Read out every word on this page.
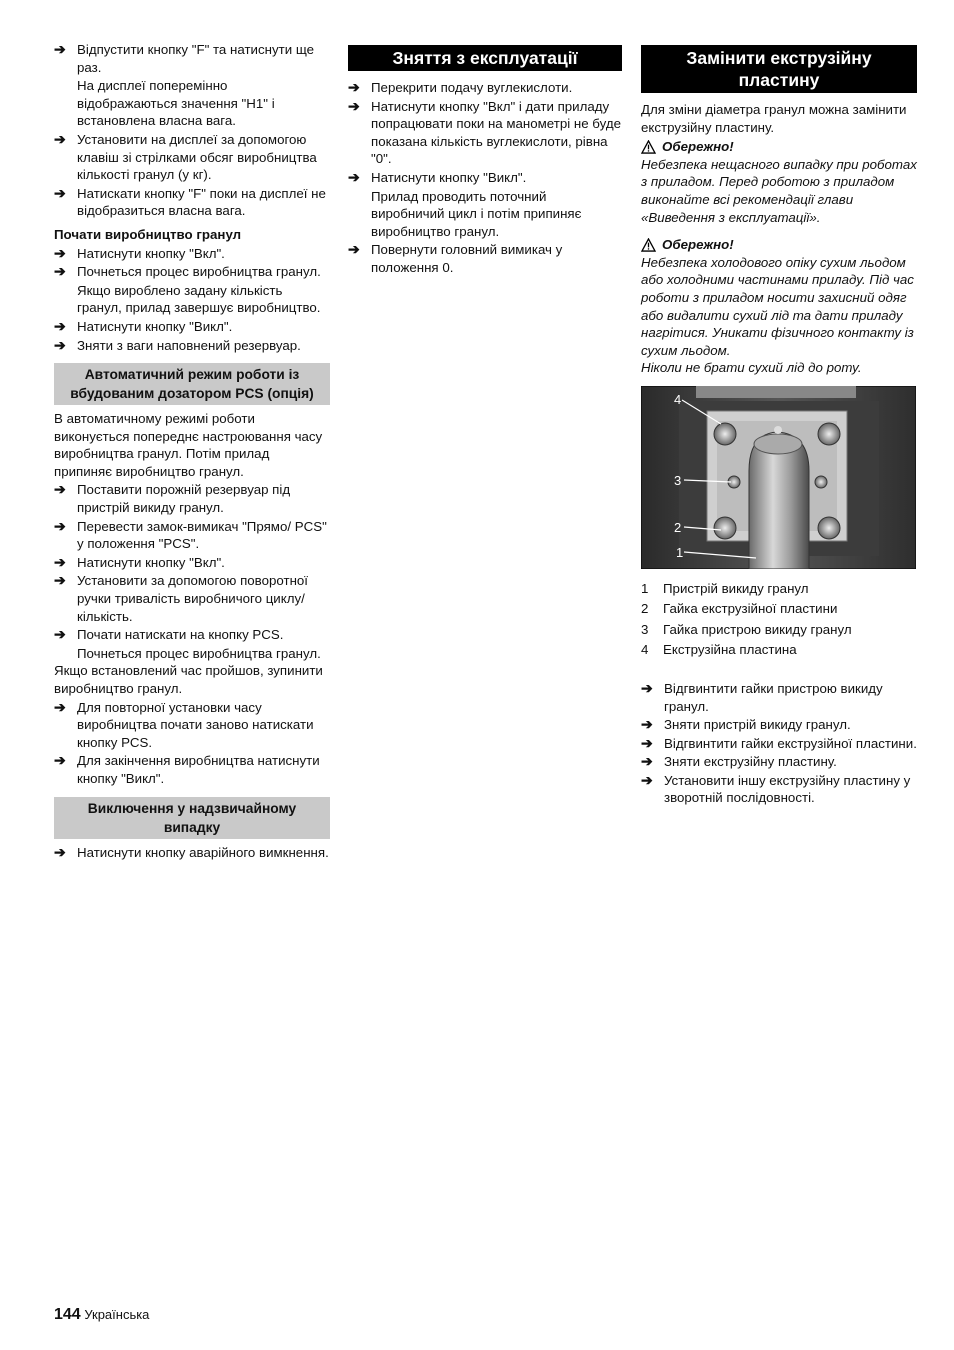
➔ Відпустити кнопку "F" та натиснути ще раз.

На дисплеї поперемінно відображаються значення "H1" і встановлена власна вага.

➔ Установити на дисплеї за допомогою клавіш зі стрілками обсяг виробництва кількості гранул (у кг).
➔ Натискати кнопку "F" поки на дисплеї не відобразиться власна вага.

Почати виробництво гранул

➔ Натиснути кнопку "Вкл".
➔ Почнеться процес виробництва гранул.

Якщо вироблено задану кількість гранул, прилад завершує виробництво.

➔ Натиснути кнопку "Викл".
➔ Зняти з ваги наповнений резервуар.
Автоматичний режим роботи із вбудованим дозатором PCS (опція)

В автоматичному режимі роботи виконується попереднє настроювання часу виробництва гранул. Потім прилад припиняє виробництво гранул.

➔ Поставити порожній резервуар під пристрій викиду гранул.
➔ Перевести замок-вимикач "Прямо/ PCS" у положення "PCS".
➔ Натиснути кнопку "Вкл".
➔ Установити за допомогою поворотної ручки тривалість виробничого циклу/ кількість.
➔ Почати натискати на кнопку PCS.

Почнеться процес виробництва гранул.

Якщо встановлений час пройшов, зупинити виробництво гранул.

➔ Для повторної установки часу виробництва почати заново натискати кнопку PCS.
➔ Для закінчення виробництва натиснути кнопку "Викл".
Виключення у надзвичайному випадку
➔ Натиснути кнопку аварійного вимкнення.
Зняття з експлуатації
➔ Перекрити подачу вуглекислоти.
➔ Натиснути кнопку "Вкл" і дати приладу попрацювати поки на манометрі не буде показана кількість вуглекислоти, рівна "0".
➔ Натиснути кнопку "Викл".

Прилад проводить поточний виробничий цикл і потім припиняє виробництво гранул.

➔ Повернути головний вимикач у положення 0.
Замінити екструзійну пластину

Для зміни діаметра гранул можна замінити екструзійну пластину.

Обережно!

Небезпека нещасного випадку при роботах з приладом. Перед роботою з приладом виконайте всі рекомендації глави «Виведення з експлуатації».

Обережно!

Небезпека холодового опіку сухим льодом або холодними частинами приладу. Під час роботи з приладом носити захисний одяг або видалити сухий лід та дати приладу нагрітися. Уникати фізичного контакту із сухим льодом.

Ніколи не брати сухий лід до роту.

4
3
2
1
1	Пристрій викиду гранул
2	Гайка екструзійної пластини
3	Гайка пристрою викиду гранул
4	Екструзійна пластина
➔ Відгвинтити гайки пристрою викиду гранул.
➔ Зняти пристрій викиду гранул.
➔ Відгвинтити гайки екструзійної пластини.
➔ Зняти екструзійну пластину.
➔ Установити іншу екструзійну пластину у зворотній послідовності.
144 Українська
